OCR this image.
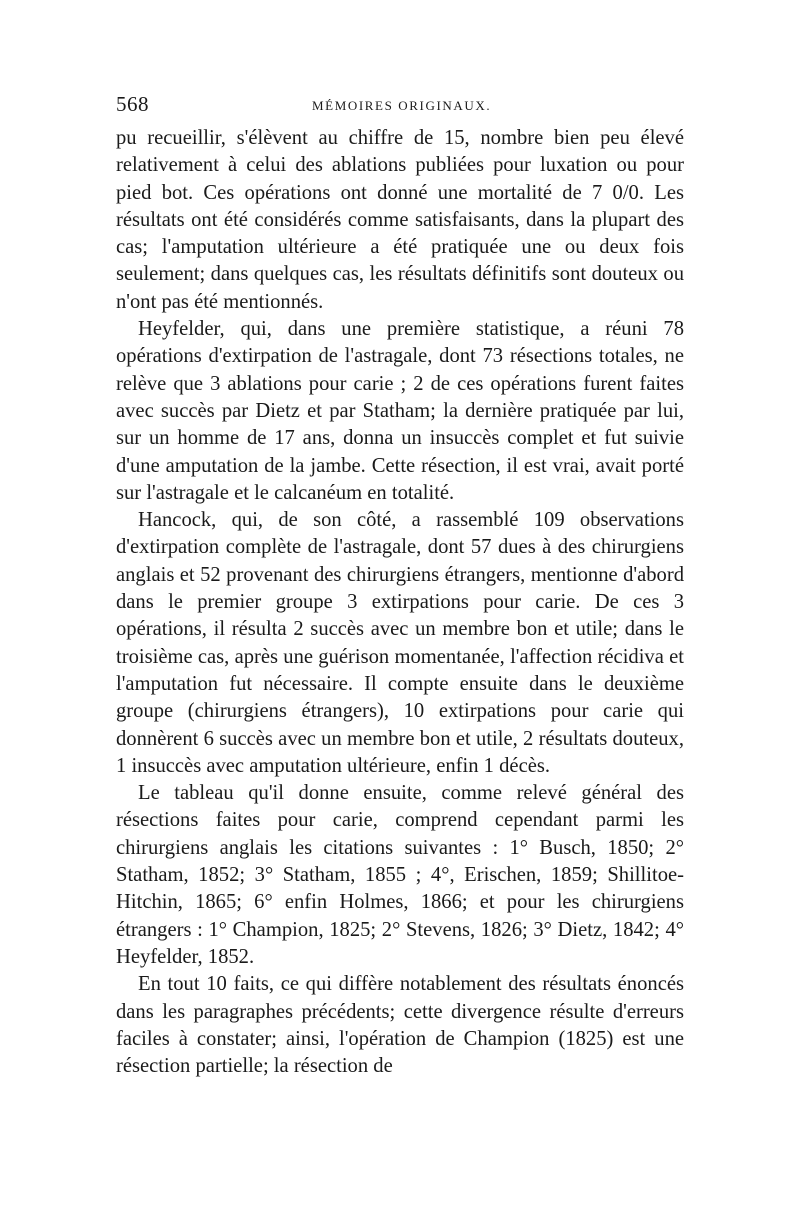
568	MÉMOIRES ORIGINAUX.

pu recueillir, s'élèvent au chiffre de 15, nombre bien peu élevé relativement à celui des ablations publiées pour luxation ou pour pied bot. Ces opérations ont donné une mortalité de 7 0/0. Les résultats ont été considérés comme satisfaisants, dans la plupart des cas; l'amputation ultérieure a été pratiquée une ou deux fois seulement; dans quelques cas, les résultats définitifs sont douteux ou n'ont pas été mentionnés.

Heyfelder, qui, dans une première statistique, a réuni 78 opérations d'extirpation de l'astragale, dont 73 résections totales, ne relève que 3 ablations pour carie ; 2 de ces opérations furent faites avec succès par Dietz et par Statham; la dernière pratiquée par lui, sur un homme de 17 ans, donna un insuccès complet et fut suivie d'une amputation de la jambe. Cette résection, il est vrai, avait porté sur l'astragale et le calcanéum en totalité.

Hancock, qui, de son côté, a rassemblé 109 observations d'extirpation complète de l'astragale, dont 57 dues à des chirurgiens anglais et 52 provenant des chirurgiens étrangers, mentionne d'abord dans le premier groupe 3 extirpations pour carie. De ces 3 opérations, il résulta 2 succès avec un membre bon et utile; dans le troisième cas, après une guérison momentanée, l'affection récidiva et l'amputation fut nécessaire. Il compte ensuite dans le deuxième groupe (chirurgiens étrangers), 10 extirpations pour carie qui donnèrent 6 succès avec un membre bon et utile, 2 résultats douteux, 1 insuccès avec amputation ultérieure, enfin 1 décès.

Le tableau qu'il donne ensuite, comme relevé général des résections faites pour carie, comprend cependant parmi les chirurgiens anglais les citations suivantes : 1° Busch, 1850; 2° Statham, 1852; 3° Statham, 1855 ; 4°, Erischen, 1859; Shillitoe-Hitchin, 1865; 6° enfin Holmes, 1866; et pour les chirurgiens étrangers : 1° Champion, 1825; 2° Stevens, 1826; 3° Dietz, 1842; 4° Heyfelder, 1852.

En tout 10 faits, ce qui diffère notablement des résultats énoncés dans les paragraphes précédents; cette divergence résulte d'erreurs faciles à constater; ainsi, l'opération de Champion (1825) est une résection partielle; la résection de
